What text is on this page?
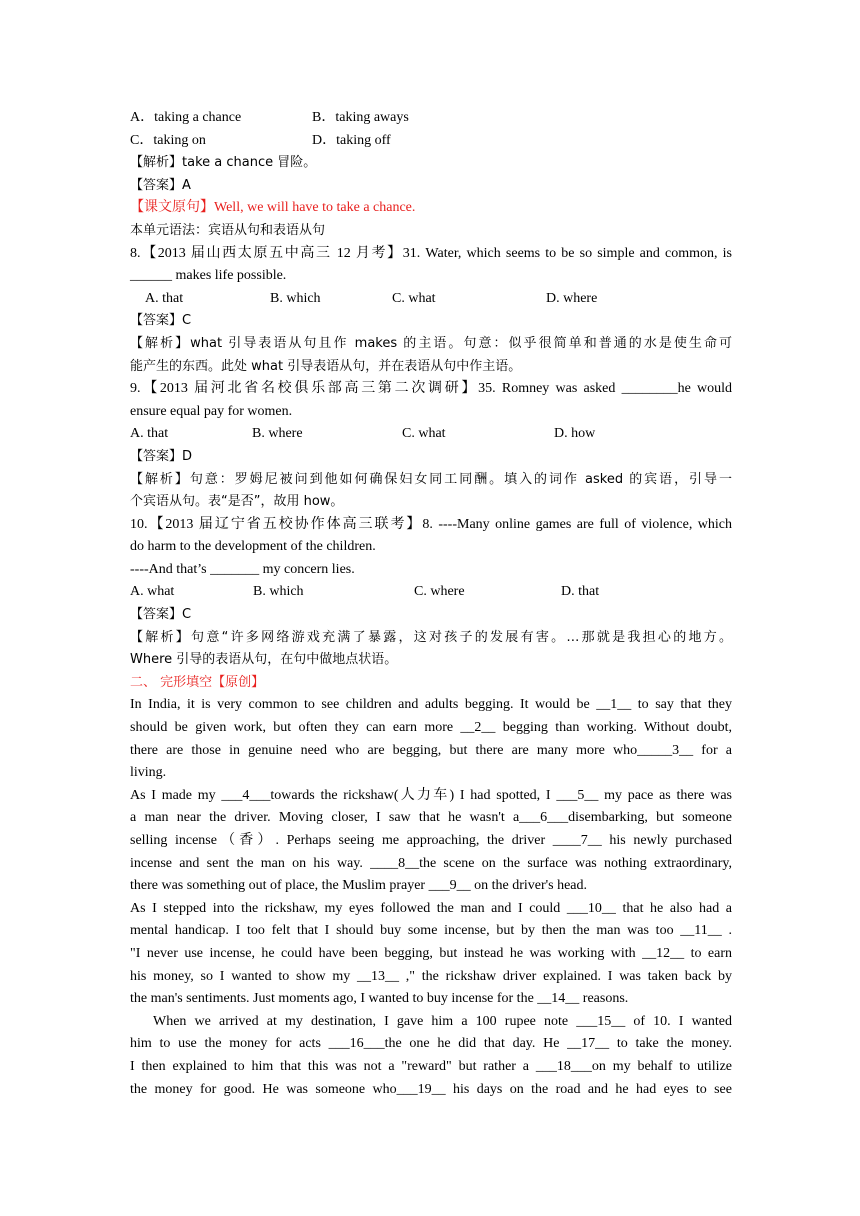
A．taking a chance	B．taking aways
C．taking on	D．taking off
【解析】take a chance 冒险。
【答案】A
【课文原句】Well, we will have to take a chance.
本单元语法：宾语从句和表语从句
8.【2013 届山西太原五中高三 12 月考】31. Water, which seems to be so simple and common, is
______ makes life possible.
A. that	B. which	C. what	D. where
【答案】C
【解析】what 引导表语从句且作 makes 的主语。句意：似乎很简单和普通的水是使生命可
能产生的东西。此处 what 引导表语从句，并在表语从句中作主语。
9.【2013 届河北省名校俱乐部高三第二次调研】35. Romney was asked ________he would
ensure equal pay for women.
A. that	B. where	C. what	D. how
【答案】D
【解析】句意：罗姆尼被问到他如何确保妇女同工同酬。填入的词作 asked 的宾语，引导一
个宾语从句。表“是否”，故用 how。
10.【2013 届辽宁省五校协作体高三联考】8. ----Many online games are full of violence, which
do harm to the development of the children.
----And that’s _______ my concern lies.
A. what	B. which	C. where	D. that
【答案】C
【解析】句意“许多网络游戏充满了暴露，这对孩子的发展有害。…那就是我担心的地方。
Where 引导的表语从句，在句中做地点状语。
二、 完形填空【原创】
In India, it is very common to see children and adults begging. It would be __1__ to say that they
should be given work, but often they can earn more __2__ begging than working. Without doubt,
there are those in genuine need who are begging, but there are many more who_____3__ for a
living.
As I made my ___4___towards the rickshaw(人力车) I had spotted, I ___5__ my pace as there was
a man near the driver. Moving closer, I saw that he wasn't a___6___disembarking, but someone
selling incense（香）. Perhaps seeing me approaching, the driver ____7__ his newly purchased
incense and sent the man on his way. ____8__the scene on the surface was nothing extraordinary,
there was something out of place, the Muslim prayer ___9__ on the driver's head.
As I stepped into the rickshaw, my eyes followed the man and I could ___10__ that he also had a
mental handicap. I too felt that I should buy some incense, but by then the man was too __11__ .
"I never use incense, he could have been begging, but instead he was working with __12__ to earn
his money, so I wanted to show my __13__ ," the rickshaw driver explained. I was taken back by
the man's sentiments. Just moments ago, I wanted to buy incense for the __14__ reasons.
When we arrived at my destination, I gave him a 100 rupee note ___15__ of 10. I wanted
him to use the money for acts ___16___the one he did that day. He __17__ to take the money.
I then explained to him that this was not a "reward" but rather a ___18___on my behalf to utilize
the money for good. He was someone who___19__ his days on the road and he had eyes to see
